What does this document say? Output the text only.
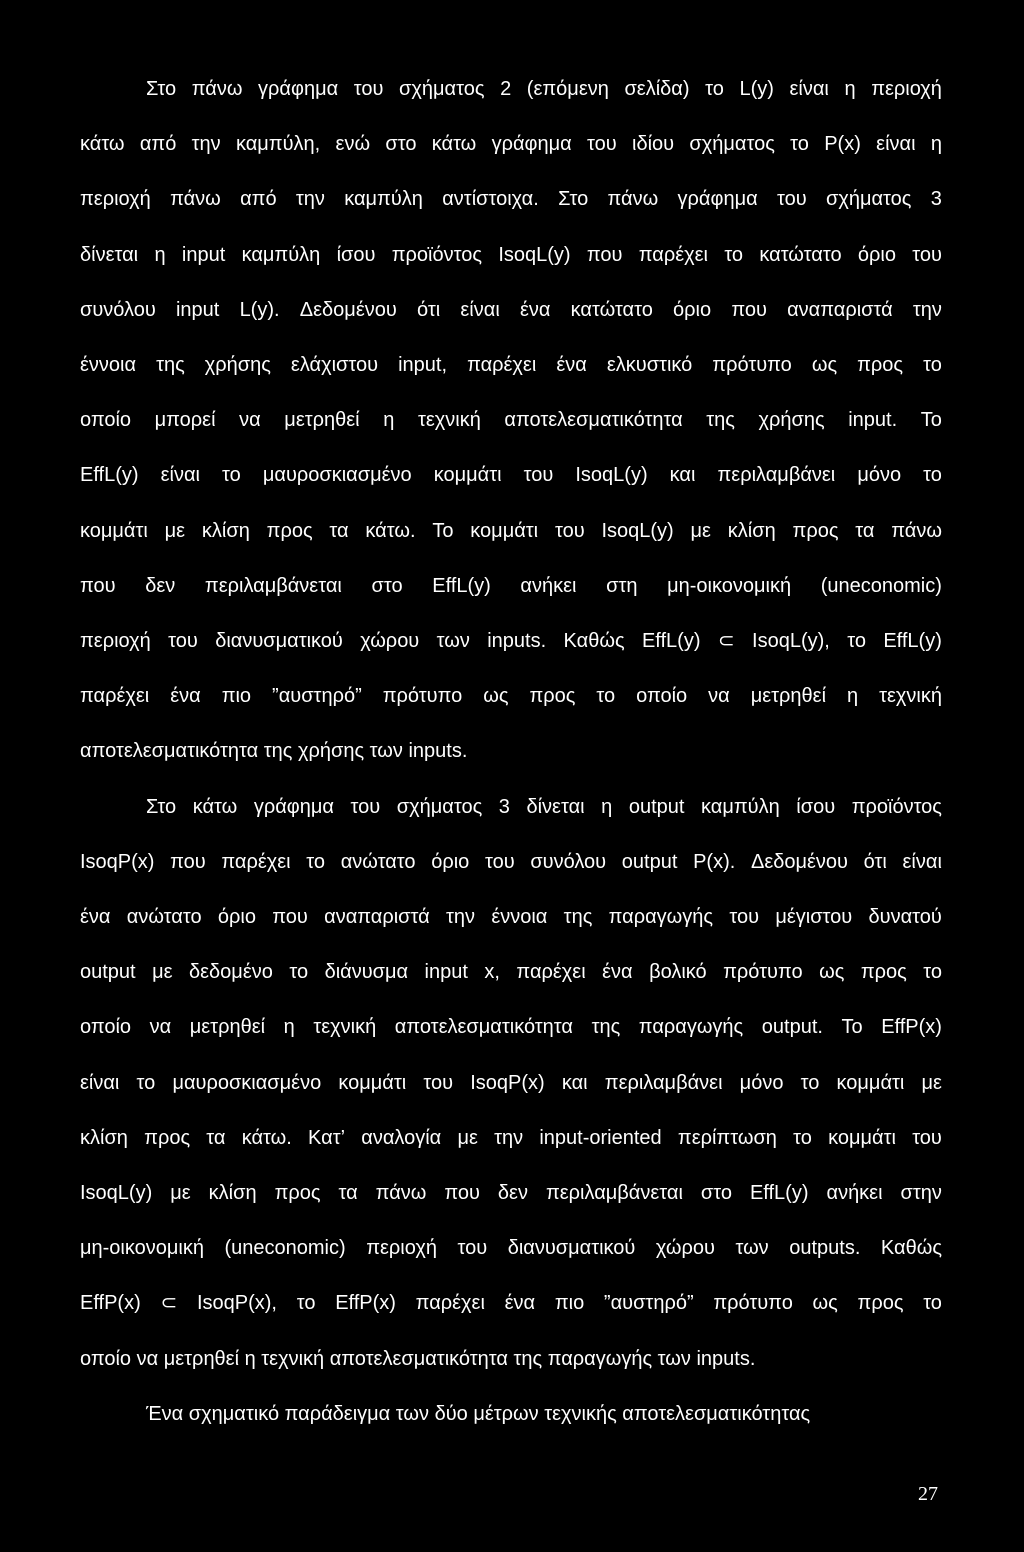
Στο πάνω γράφημα του σχήματος 2 (επόμενη σελίδα) το L(y) είναι η περιοχή
κάτω από την καμπύλη, ενώ στο κάτω γράφημα του ιδίου σχήματος το P(x) είναι η
περιοχή πάνω από την καμπύλη αντίστοιχα. Στο πάνω γράφημα του σχήματος 3
δίνεται η input καμπύλη ίσου προϊόντος IsoqL(y) που παρέχει το κατώτατο όριο του
συνόλου input L(y). Δεδομένου ότι είναι ένα κατώτατο όριο που αναπαριστά την
έννοια της χρήσης ελάχιστου input, παρέχει ένα ελκυστικό πρότυπο ως προς το
οποίο μπορεί να μετρηθεί η τεχνική αποτελεσματικότητα της χρήσης input. Το
EffL(y) είναι το μαυροσκιασμένο κομμάτι του IsoqL(y) και περιλαμβάνει μόνο το
κομμάτι με κλίση προς τα κάτω. Το κομμάτι του IsoqL(y) με κλίση προς τα πάνω
που δεν περιλαμβάνεται στο EffL(y) ανήκει στη μη-οικονομική (uneconomic)
περιοχή του διανυσματικού χώρου των inputs. Καθώς EffL(y) ⊂ IsoqL(y), το EffL(y)
παρέχει ένα πιο ”αυστηρό” πρότυπο ως προς το οποίο να μετρηθεί η τεχνική
αποτελεσματικότητα της χρήσης των inputs.
Στο κάτω γράφημα του σχήματος 3 δίνεται η output καμπύλη ίσου προϊόντος
IsoqP(x) που παρέχει το ανώτατο όριο του συνόλου output P(x). Δεδομένου ότι είναι
ένα ανώτατο όριο που αναπαριστά την έννοια της παραγωγής του μέγιστου δυνατού
output με δεδομένο το διάνυσμα input x, παρέχει ένα βολικό πρότυπο ως προς το
οποίο να μετρηθεί η τεχνική αποτελεσματικότητα της παραγωγής output. Το EffP(x)
είναι το μαυροσκιασμένο κομμάτι του IsoqP(x) και περιλαμβάνει μόνο το κομμάτι με
κλίση προς τα κάτω. Κατ’ αναλογία με την input-oriented περίπτωση το κομμάτι του
IsoqL(y) με κλίση προς τα πάνω που δεν περιλαμβάνεται στο EffL(y) ανήκει στην
μη-οικονομική (uneconomic) περιοχή του διανυσματικού χώρου των outputs. Καθώς
EffP(x) ⊂ IsoqP(x), το EffP(x) παρέχει ένα πιο ”αυστηρό” πρότυπο ως προς το
οποίο να μετρηθεί η τεχνική αποτελεσματικότητα της παραγωγής των inputs.
Ένα σχηματικό παράδειγμα των δύο μέτρων τεχνικής αποτελεσματικότητας
27
